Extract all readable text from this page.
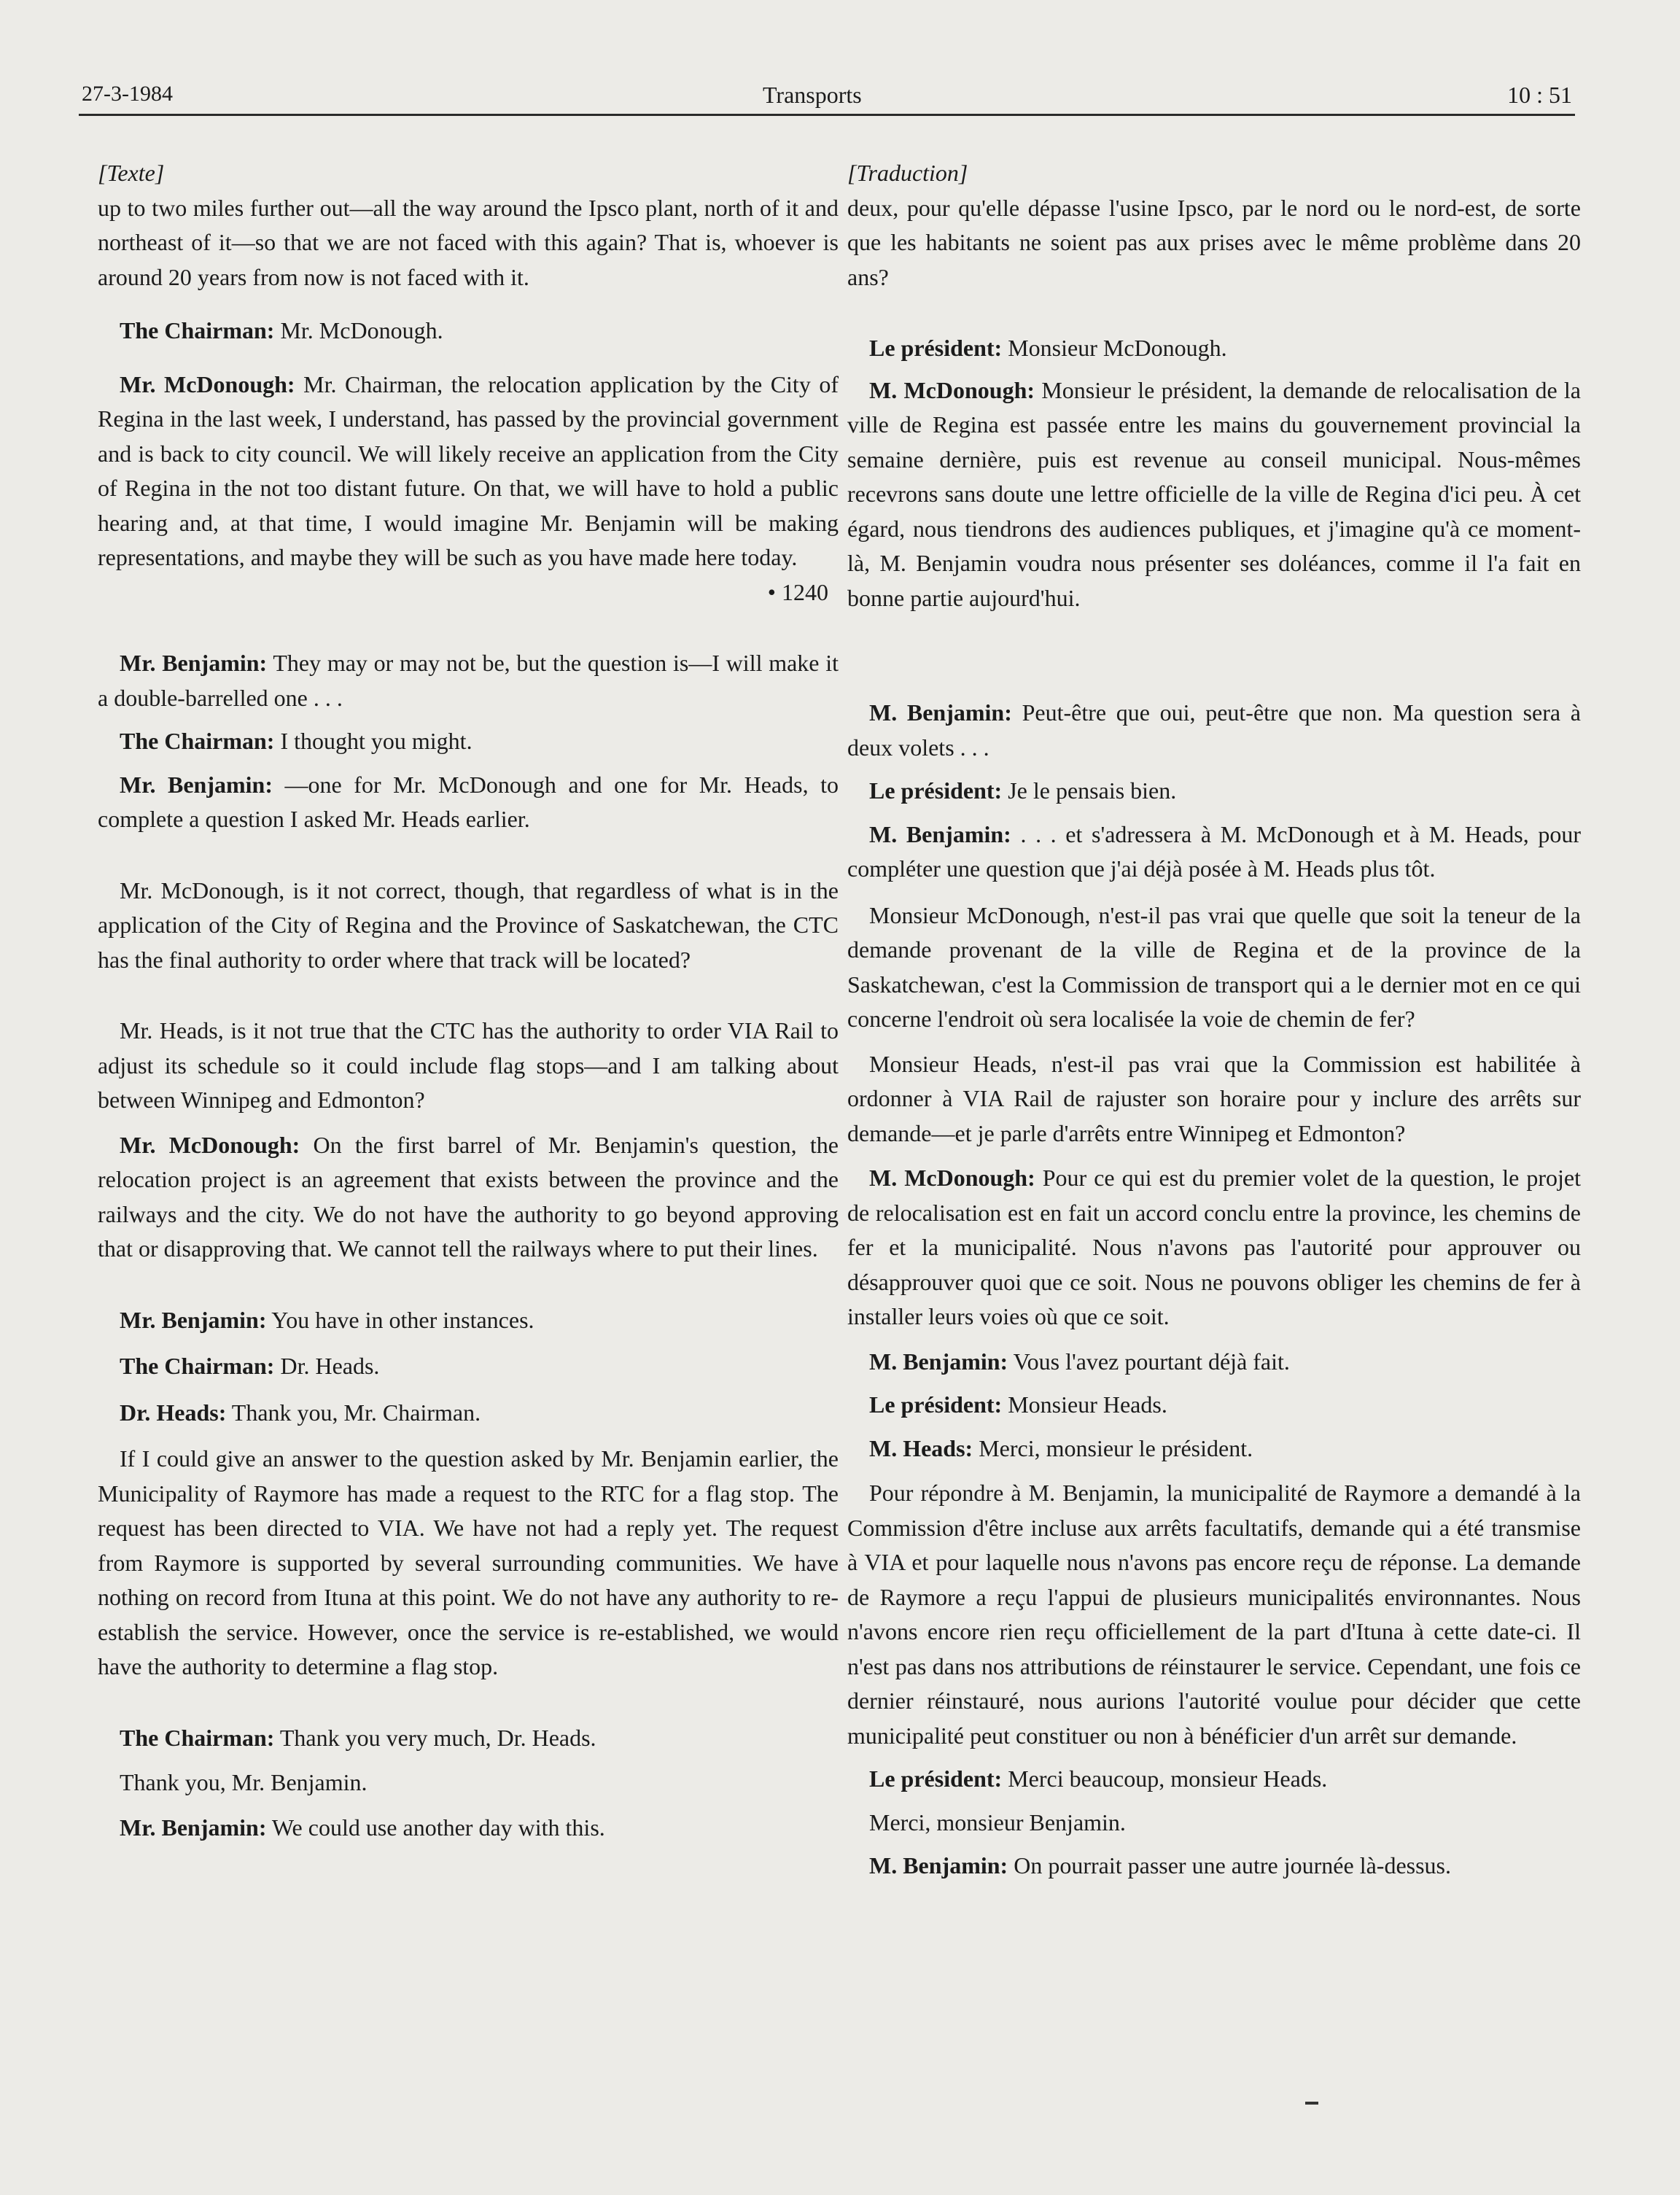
27-3-1984	Transports	10 : 51

[Texte]

up to two miles further out—all the way around the Ipsco plant, north of it and northeast of it—so that we are not faced with this again? That is, whoever is around 20 years from now is not faced with it.

The Chairman: Mr. McDonough.

Mr. McDonough: Mr. Chairman, the relocation application by the City of Regina in the last week, I understand, has passed by the provincial government and is back to city council. We will likely receive an application from the City of Regina in the not too distant future. On that, we will have to hold a public hearing and, at that time, I would imagine Mr. Benjamin will be making representations, and maybe they will be such as you have made here today.

• 1240

Mr. Benjamin: They may or may not be, but the question is—I will make it a double-barrelled one . . .

The Chairman: I thought you might.

Mr. Benjamin: —one for Mr. McDonough and one for Mr. Heads, to complete a question I asked Mr. Heads earlier.

Mr. McDonough, is it not correct, though, that regardless of what is in the application of the City of Regina and the Province of Saskatchewan, the CTC has the final authority to order where that track will be located?

Mr. Heads, is it not true that the CTC has the authority to order VIA Rail to adjust its schedule so it could include flag stops—and I am talking about between Winnipeg and Edmonton?

Mr. McDonough: On the first barrel of Mr. Benjamin's question, the relocation project is an agreement that exists between the province and the railways and the city. We do not have the authority to go beyond approving that or disapproving that. We cannot tell the railways where to put their lines.

Mr. Benjamin: You have in other instances.

The Chairman: Dr. Heads.

Dr. Heads: Thank you, Mr. Chairman.

If I could give an answer to the question asked by Mr. Benjamin earlier, the Municipality of Raymore has made a request to the RTC for a flag stop. The request has been directed to VIA. We have not had a reply yet. The request from Raymore is supported by several surrounding communities. We have nothing on record from Ituna at this point. We do not have any authority to re-establish the service. However, once the service is re-established, we would have the authority to determine a flag stop.

The Chairman: Thank you very much, Dr. Heads.

Thank you, Mr. Benjamin.

Mr. Benjamin: We could use another day with this.

[Traduction]

deux, pour qu'elle dépasse l'usine Ipsco, par le nord ou le nord-est, de sorte que les habitants ne soient pas aux prises avec le même problème dans 20 ans?

Le président: Monsieur McDonough.

M. McDonough: Monsieur le président, la demande de relocalisation de la ville de Regina est passée entre les mains du gouvernement provincial la semaine dernière, puis est revenue au conseil municipal. Nous-mêmes recevrons sans doute une lettre officielle de la ville de Regina d'ici peu. À cet égard, nous tiendrons des audiences publiques, et j'imagine qu'à ce moment-là, M. Benjamin voudra nous présenter ses doléances, comme il l'a fait en bonne partie aujourd'hui.

M. Benjamin: Peut-être que oui, peut-être que non. Ma question sera à deux volets . . .

Le président: Je le pensais bien.

M. Benjamin: . . . et s'adressera à M. McDonough et à M. Heads, pour compléter une question que j'ai déjà posée à M. Heads plus tôt.

Monsieur McDonough, n'est-il pas vrai que quelle que soit la teneur de la demande provenant de la ville de Regina et de la province de la Saskatchewan, c'est la Commission de transport qui a le dernier mot en ce qui concerne l'endroit où sera localisée la voie de chemin de fer?

Monsieur Heads, n'est-il pas vrai que la Commission est habilitée à ordonner à VIA Rail de rajuster son horaire pour y inclure des arrêts sur demande—et je parle d'arrêts entre Winnipeg et Edmonton?

M. McDonough: Pour ce qui est du premier volet de la question, le projet de relocalisation est en fait un accord conclu entre la province, les chemins de fer et la municipalité. Nous n'avons pas l'autorité pour approuver ou désapprouver quoi que ce soit. Nous ne pouvons obliger les chemins de fer à installer leurs voies où que ce soit.

M. Benjamin: Vous l'avez pourtant déjà fait.

Le président: Monsieur Heads.

M. Heads: Merci, monsieur le président.

Pour répondre à M. Benjamin, la municipalité de Raymore a demandé à la Commission d'être incluse aux arrêts facultatifs, demande qui a été transmise à VIA et pour laquelle nous n'avons pas encore reçu de réponse. La demande de Raymore a reçu l'appui de plusieurs municipalités environnantes. Nous n'avons encore rien reçu officiellement de la part d'Ituna à cette date-ci. Il n'est pas dans nos attributions de réinstaurer le service. Cependant, une fois ce dernier réinstauré, nous aurions l'autorité voulue pour décider que cette municipalité peut constituer ou non à bénéficier d'un arrêt sur demande.

Le président: Merci beaucoup, monsieur Heads.

Merci, monsieur Benjamin.

M. Benjamin: On pourrait passer une autre journée là-dessus.
